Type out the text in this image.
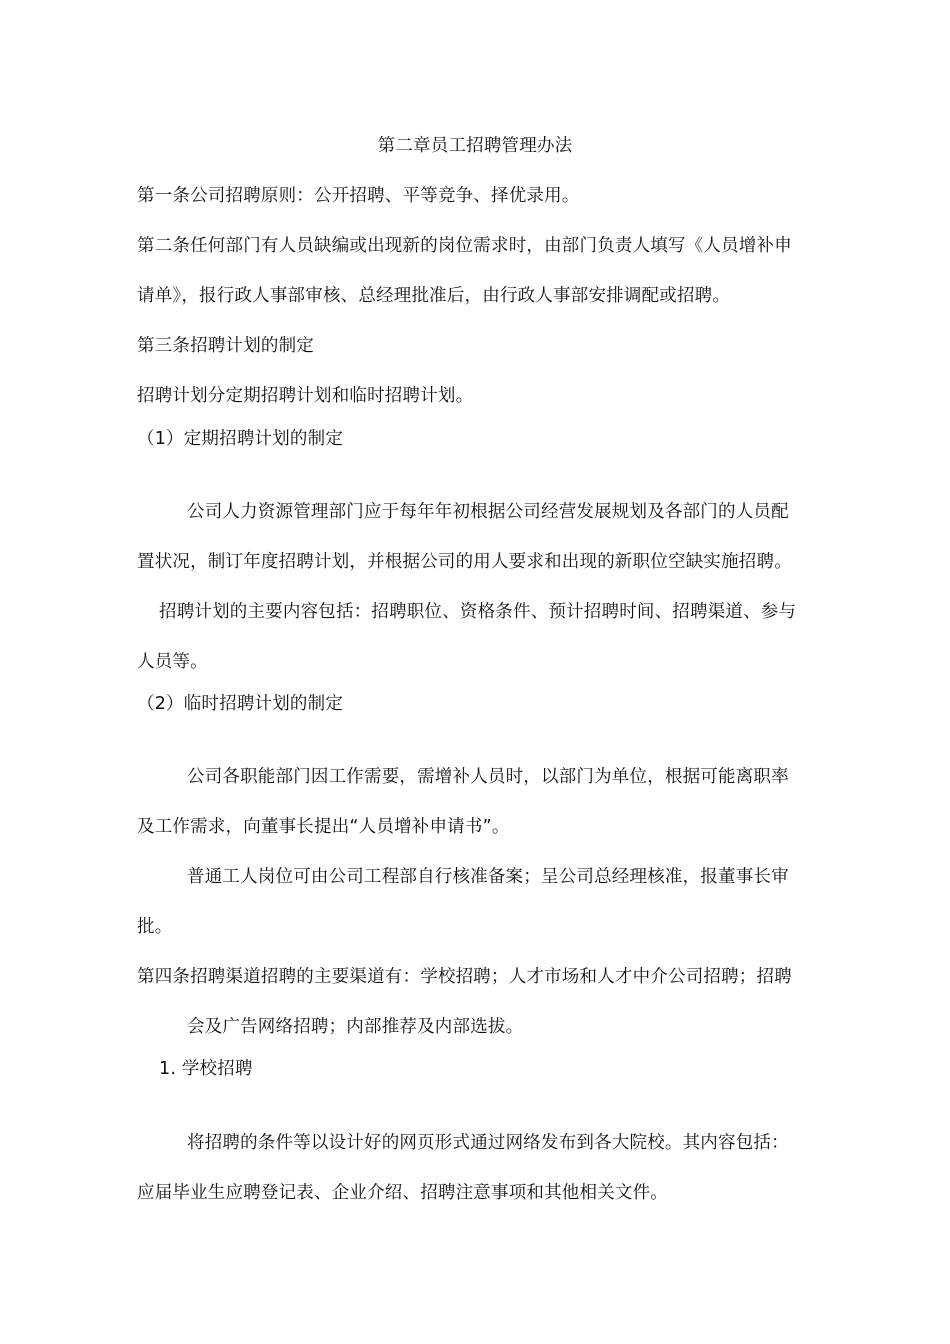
第二章员工招聘管理办法

第一条公司招聘原则：公开招聘、平等竞争、择优录用。

第二条任何部门有人员缺编或出现新的岗位需求时，由部门负责人填写《人员增补申

请单》，报行政人事部审核、总经理批准后，由行政人事部安排调配或招聘。

第三条招聘计划的制定

招聘计划分定期招聘计划和临时招聘计划。

（1）定期招聘计划的制定

公司人力资源管理部门应于每年年初根据公司经营发展规划及各部门的人员配

置状况，制订年度招聘计划，并根据公司的用人要求和出现的新职位空缺实施招聘。

招聘计划的主要内容包括：招聘职位、资格条件、预计招聘时间、招聘渠道、参与

人员等。

（2）临时招聘计划的制定

公司各职能部门因工作需要，需增补人员时，以部门为单位，根据可能离职率

及工作需求，向董事长提出“人员增补申请书”。

普通工人岗位可由公司工程部自行核准备案；呈公司总经理核准，报董事长审

批。

第四条招聘渠道招聘的主要渠道有：学校招聘；人才市场和人才中介公司招聘；招聘

会及广告网络招聘；内部推荐及内部选拔。

1. 学校招聘

将招聘的条件等以设计好的网页形式通过网络发布到各大院校。其内容包括：

应届毕业生应聘登记表、企业介绍、招聘注意事项和其他相关文件。
